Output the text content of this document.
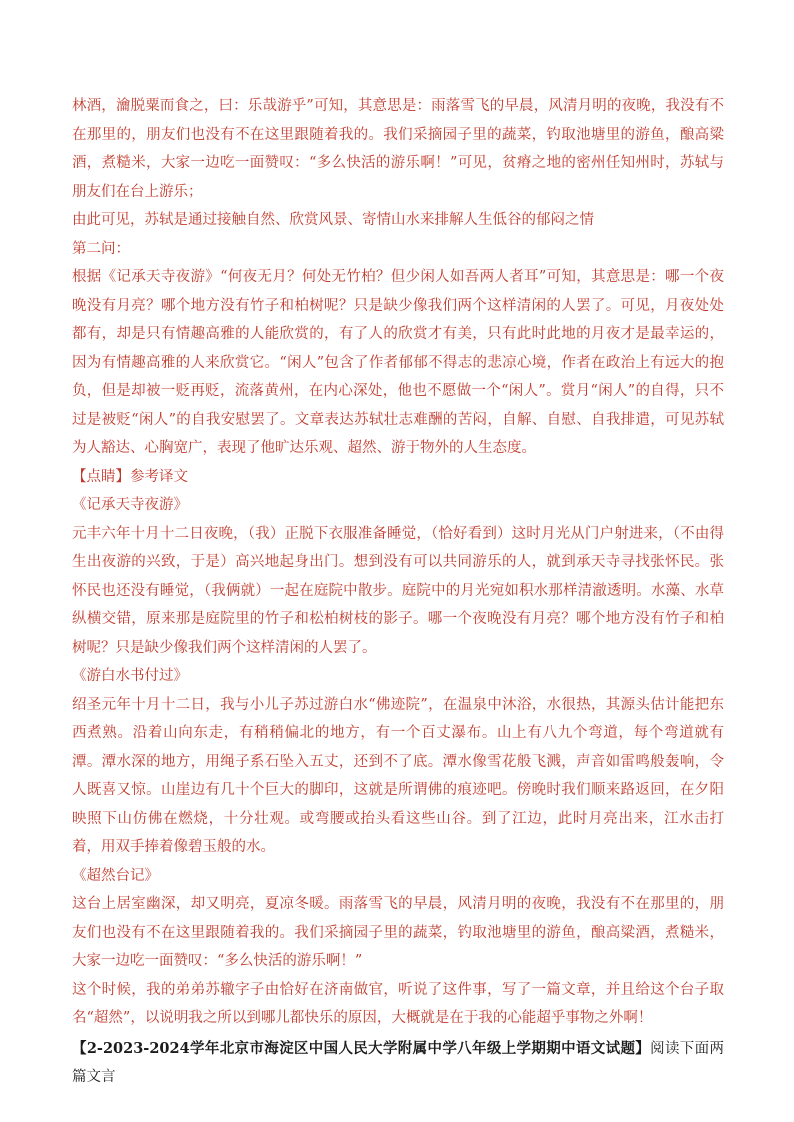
林酒，瀹脱粟而食之，曰：乐哉游乎”可知，其意思是：雨落雪飞的早晨，风清月明的夜晚，我没有不在那里的，朋友们也没有不在这里跟随着我的。我们采摘园子里的蔬菜，钓取池塘里的游鱼，酿高粱酒，煮糙米，大家一边吃一面赞叹：“多么快活的游乐啊！”可见，贫瘠之地的密州任知州时，苏轼与朋友们在台上游乐；

由此可见，苏轼是通过接触自然、欣赏风景、寄情山水来排解人生低谷的郁闷之情

第二问：

根据《记承天寺夜游》“何夜无月？何处无竹柏？但少闲人如吾两人者耳”可知，其意思是：哪一个夜晚没有月亮？哪个地方没有竹子和柏树呢？只是缺少像我们两个这样清闲的人罢了。可见，月夜处处都有，却是只有情趣高雅的人能欣赏的，有了人的欣赏才有美，只有此时此地的月夜才是最幸运的，因为有情趣高雅的人来欣赏它。“闲人”包含了作者郁郁不得志的悲凉心境，作者在政治上有远大的抱负，但是却被一贬再贬，流落黄州，在内心深处，他也不愿做一个“闲人”。赏月“闲人”的自得，只不过是被贬“闲人”的自我安慰罢了。文章表达苏轼壮志难酬的苦闷，自解、自慰、自我排遣，可见苏轼为人豁达、心胸宽广，表现了他旷达乐观、超然、游于物外的人生态度。

【点睛】参考译文

《记承天寺夜游》

元丰六年十月十二日夜晚，（我）正脱下衣服准备睡觉，（恰好看到）这时月光从门户射进来，（不由得生出夜游的兴致，于是）高兴地起身出门。想到没有可以共同游乐的人，就到承天寺寻找张怀民。张怀民也还没有睡觉，（我俩就）一起在庭院中散步。庭院中的月光宛如积水那样清澈透明。水藻、水草纵横交错，原来那是庭院里的竹子和松柏树枝的影子。哪一个夜晚没有月亮？哪个地方没有竹子和柏树呢？只是缺少像我们两个这样清闲的人罢了。

《游白水书付过》

绍圣元年十月十二日，我与小儿子苏过游白水“佛迹院”，在温泉中沐浴，水很热，其源头估计能把东西煮熟。沿着山向东走，有稍稍偏北的地方，有一个百丈瀑布。山上有八九个弯道，每个弯道就有潭。潭水深的地方，用绳子系石坠入五丈，还到不了底。潭水像雪花般飞溅，声音如雷鸣般轰响，令人既喜又惊。山崖边有几十个巨大的脚印，这就是所谓佛的痕迹吧。傍晚时我们顺来路返回，在夕阳映照下山仿佛在燃烧，十分壮观。或弯腰或抬头看这些山谷。到了江边，此时月亮出来，江水击打着，用双手捧着像碧玉般的水。

《超然台记》

这台上居室幽深，却又明亮，夏凉冬暖。雨落雪飞的早晨，风清月明的夜晚，我没有不在那里的，朋友们也没有不在这里跟随着我的。我们采摘园子里的蔬菜，钓取池塘里的游鱼，酿高粱酒，煮糙米，大家一边吃一面赞叹：“多么快活的游乐啊！”

这个时候，我的弟弟苏辙字子由恰好在济南做官，听说了这件事，写了一篇文章，并且给这个台子取名“超然”，以说明我之所以到哪儿都快乐的原因，大概就是在于我的心能超乎事物之外啊！

【2-2023-2024学年北京市海淀区中国人民大学附属中学八年级上学期期中语文试题】阅读下面两篇文言
